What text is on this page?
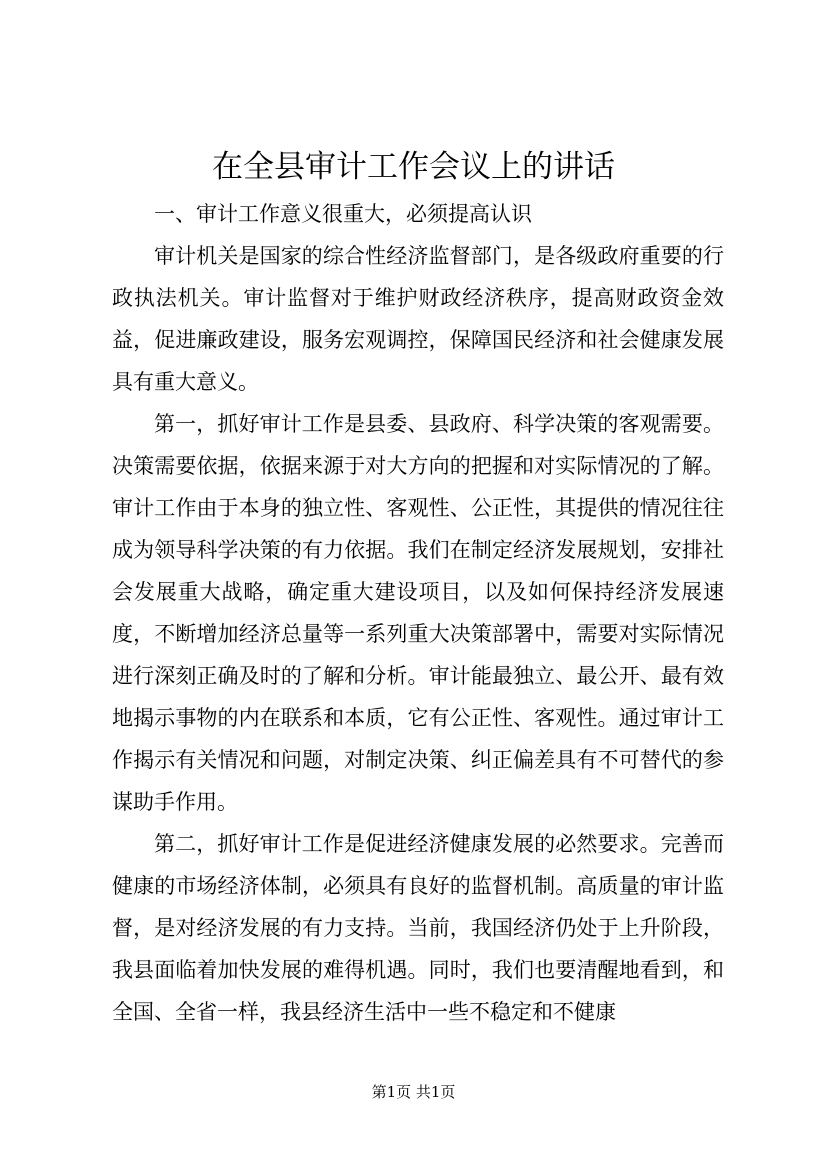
在全县审计工作会议上的讲话

一、审计工作意义很重大，必须提高认识

审计机关是国家的综合性经济监督部门，是各级政府重要的行政执法机关。审计监督对于维护财政经济秩序，提高财政资金效益，促进廉政建设，服务宏观调控，保障国民经济和社会健康发展具有重大意义。

第一，抓好审计工作是县委、县政府、科学决策的客观需要。决策需要依据，依据来源于对大方向的把握和对实际情况的了解。审计工作由于本身的独立性、客观性、公正性，其提供的情况往往成为领导科学决策的有力依据。我们在制定经济发展规划，安排社会发展重大战略，确定重大建设项目，以及如何保持经济发展速度，不断增加经济总量等一系列重大决策部署中，需要对实际情况进行深刻正确及时的了解和分析。审计能最独立、最公开、最有效地揭示事物的内在联系和本质，它有公正性、客观性。通过审计工作揭示有关情况和问题，对制定决策、纠正偏差具有不可替代的参谋助手作用。

第二，抓好审计工作是促进经济健康发展的必然要求。完善而健康的市场经济体制，必须具有良好的监督机制。高质量的审计监督，是对经济发展的有力支持。当前，我国经济仍处于上升阶段，我县面临着加快发展的难得机遇。同时，我们也要清醒地看到，和全国、全省一样，我县经济生活中一些不稳定和不健康

第1页 共1页
